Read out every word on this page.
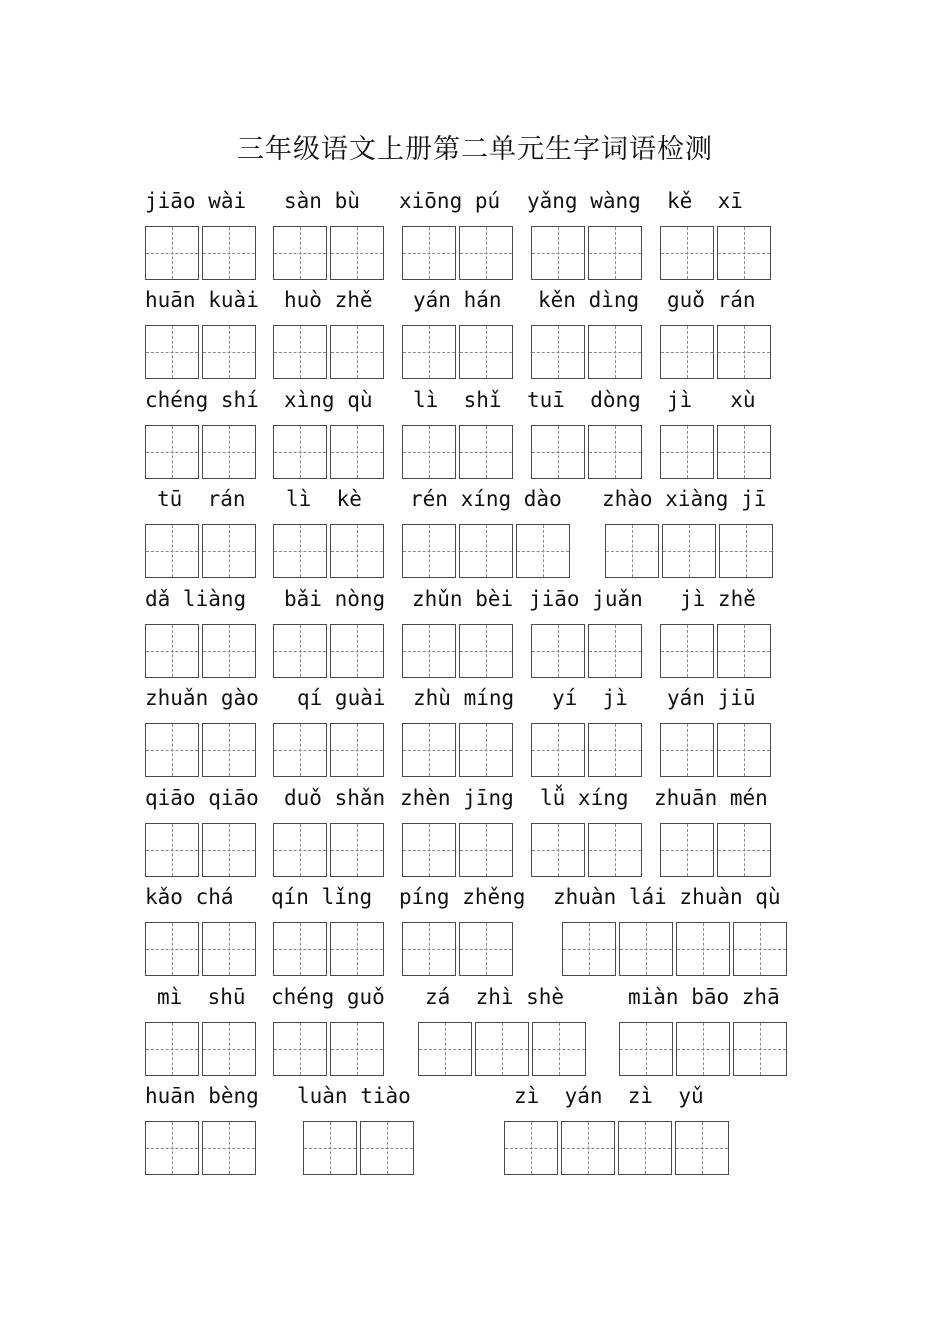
三年级语文上册第二单元生字词语检测
jiāo wài sàn bù xiōng pú yǎng wàng kě  xī
huān kuài huò zhě yán hán kěn dìng guǒ rán
chéng shí xìng qù lì  shǐ tuī  dòng jì   xù
tū  rán lì  kè rén xíng dào zhào xiàng jī
dǎ liàng bǎi nòng zhǔn bèi jiāo juǎn jì zhě
zhuǎn gào qí guài zhù míng yí  jì yán jiū
qiāo qiāo duǒ shǎn zhèn jīng lǚ xíng zhuān mén
kǎo chá qín lǐng píng zhěng zhuàn lái zhuàn qù
mì  shū chéng guǒ zá  zhì shè	miàn bāo zhā
huān bèng luàn tiào	zì  yán  zì  yǔ
